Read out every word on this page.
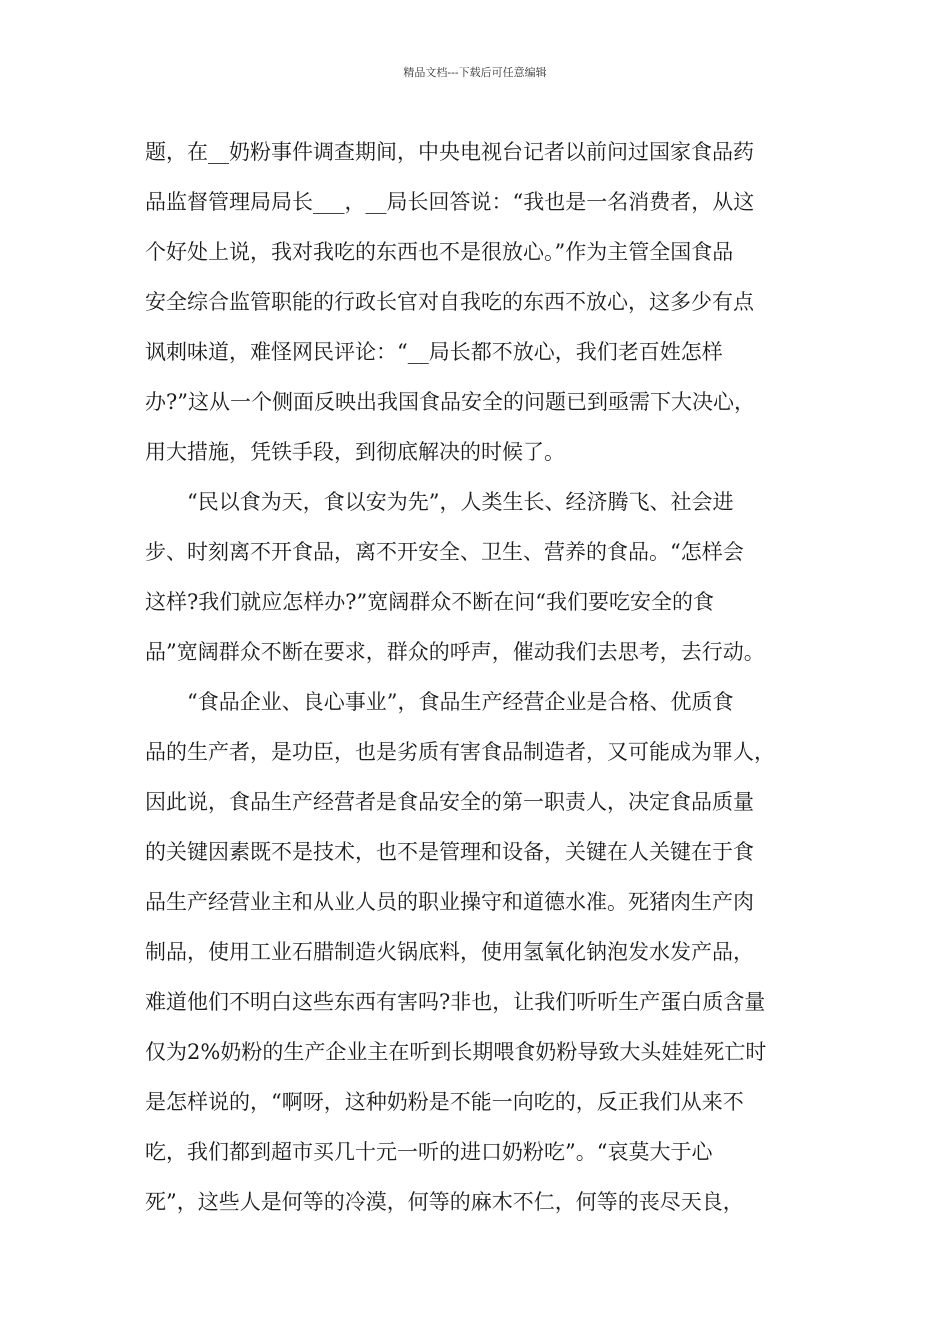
精品文档---下载后可任意编辑
题，在__奶粉事件调查期间，中央电视台记者以前问过国家食品药
品监督管理局局长___，__局长回答说：“我也是一名消费者，从这
个好处上说，我对我吃的东西也不是很放心。”作为主管全国食品
安全综合监管职能的行政长官对自我吃的东西不放心，这多少有点
讽刺味道，难怪网民评论：“__局长都不放心，我们老百姓怎样
办?”这从一个侧面反映出我国食品安全的问题已到亟需下大决心，
用大措施，凭铁手段，到彻底解决的时候了。
“民以食为天，食以安为先”，人类生长、经济腾飞、社会进
步、时刻离不开食品，离不开安全、卫生、营养的食品。“怎样会
这样?我们就应怎样办?”宽阔群众不断在问“我们要吃安全的食
品”宽阔群众不断在要求，群众的呼声，催动我们去思考，去行动。
“食品企业、良心事业”，食品生产经营企业是合格、优质食
品的生产者，是功臣，也是劣质有害食品制造者，又可能成为罪人，
因此说，食品生产经营者是食品安全的第一职责人，决定食品质量
的关键因素既不是技术，也不是管理和设备，关键在人关键在于食
品生产经营业主和从业人员的职业操守和道德水准。死猪肉生产肉
制品，使用工业石腊制造火锅底料，使用氢氧化钠泡发水发产品，
难道他们不明白这些东西有害吗?非也，让我们听听生产蛋白质含量
仅为2%奶粉的生产企业主在听到长期喂食奶粉导致大头娃娃死亡时
是怎样说的，“啊呀，这种奶粉是不能一向吃的，反正我们从来不
吃，我们都到超市买几十元一听的进口奶粉吃”。“哀莫大于心
死”，这些人是何等的冷漠，何等的麻木不仁，何等的丧尽天良，
